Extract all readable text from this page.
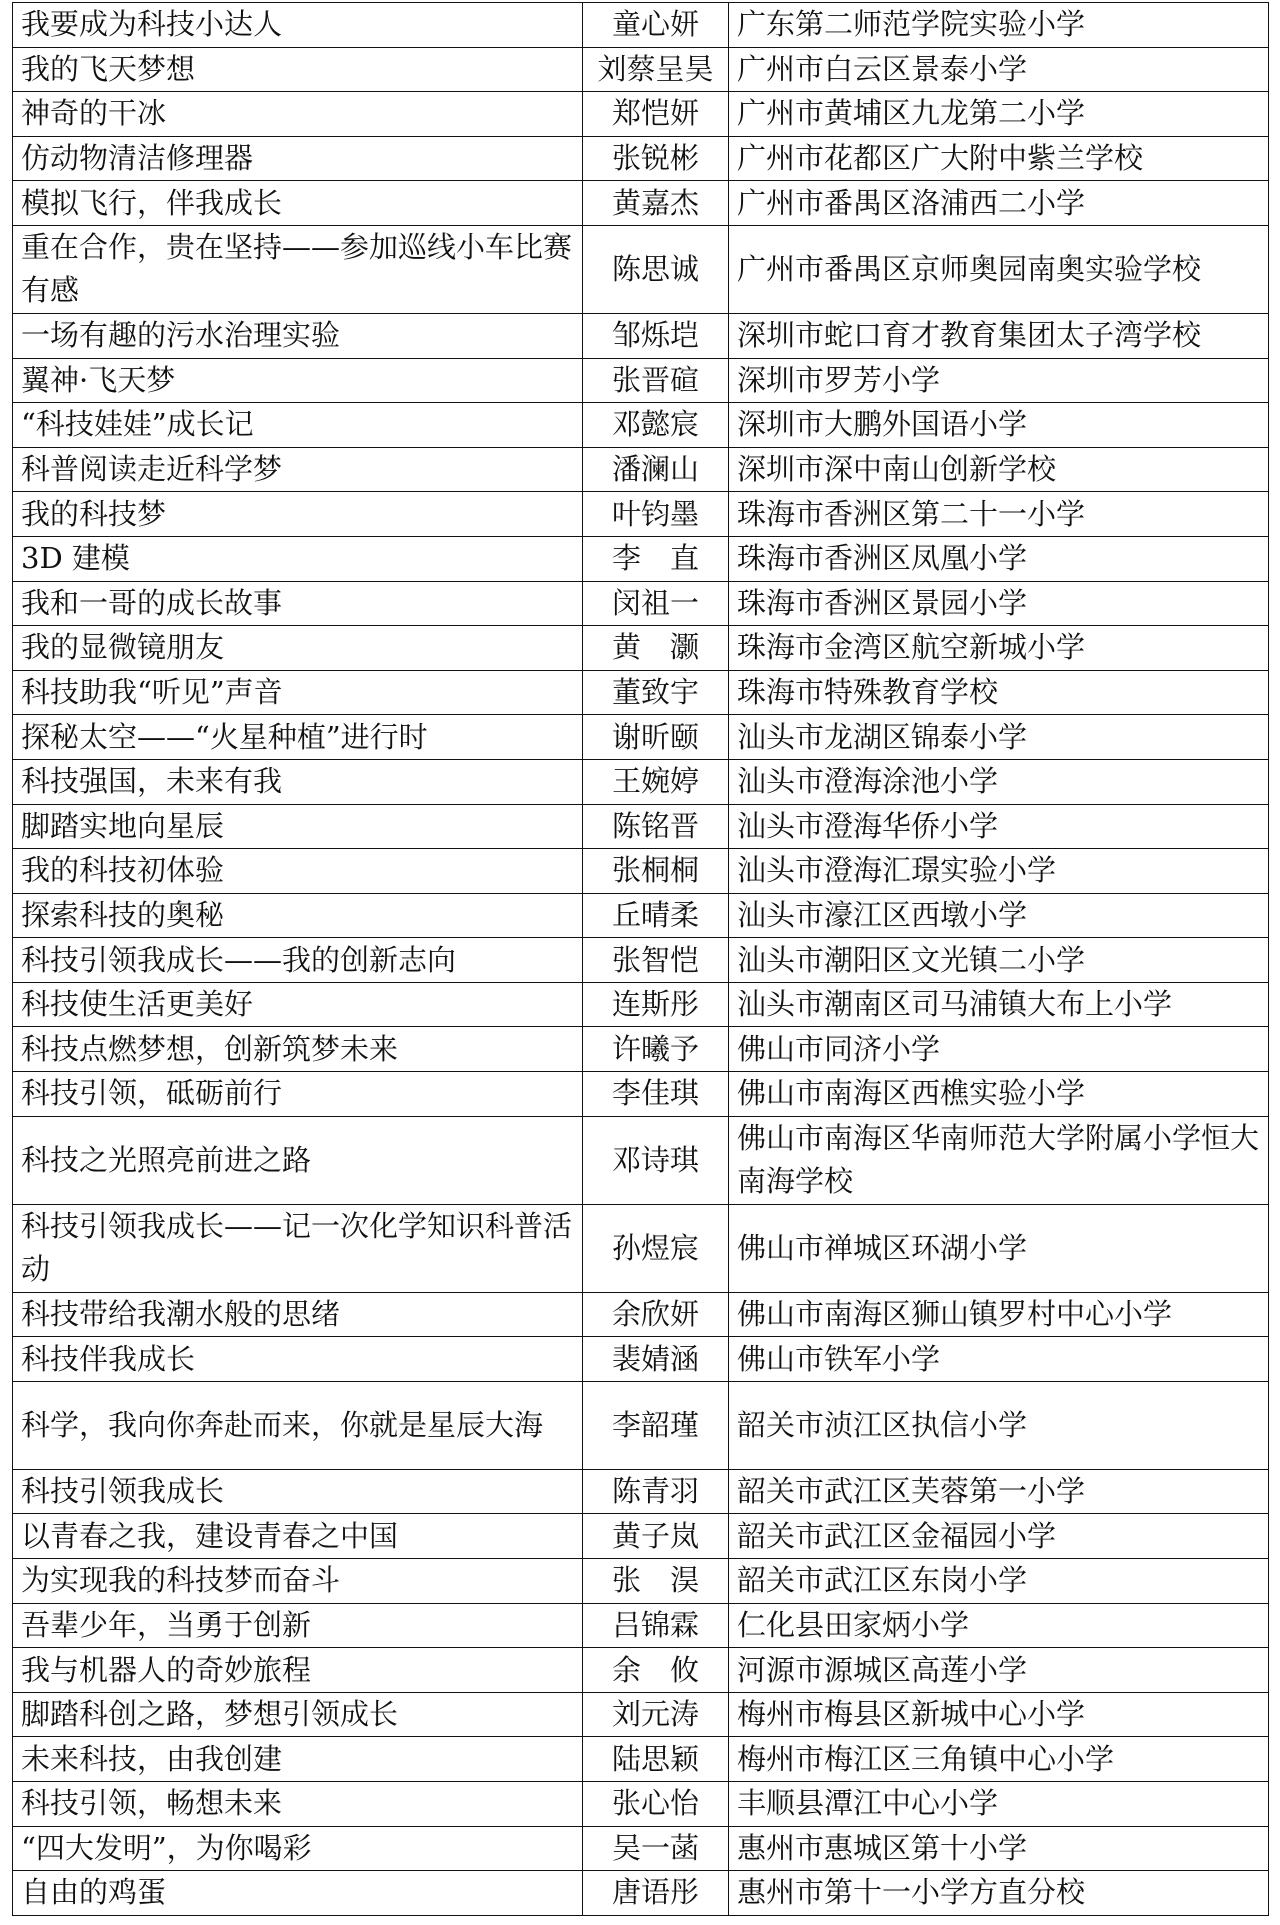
我要成为科技小达人	童心妍	广东第二师范学院实验小学
我的飞天梦想	刘蔡呈昊	广州市白云区景泰小学
神奇的干冰	郑恺妍	广州市黄埔区九龙第二小学
仿动物清洁修理器	张锐彬	广州市花都区广大附中紫兰学校
模拟飞行，伴我成长	黄嘉杰	广州市番禺区洛浦西二小学
重在合作，贵在坚持——参加巡线小车比赛有感	陈思诚	广州市番禺区京师奥园南奥实验学校
一场有趣的污水治理实验	邹烁垲	深圳市蛇口育才教育集团太子湾学校
翼神·飞天梦	张晋碹	深圳市罗芳小学
“科技娃娃”成长记	邓懿宸	深圳市大鹏外国语小学
科普阅读走近科学梦	潘澜山	深圳市深中南山创新学校
我的科技梦	叶钧墨	珠海市香洲区第二十一小学
3D 建模	李　直	珠海市香洲区凤凰小学
我和一哥的成长故事	闵祖一	珠海市香洲区景园小学
我的显微镜朋友	黄　灏	珠海市金湾区航空新城小学
科技助我“听见”声音	董致宇	珠海市特殊教育学校
探秘太空——“火星种植”进行时	谢昕颐	汕头市龙湖区锦泰小学
科技强国，未来有我	王婉婷	汕头市澄海涂池小学
脚踏实地向星辰	陈铭晋	汕头市澄海华侨小学
我的科技初体验	张桐桐	汕头市澄海汇璟实验小学
探索科技的奥秘	丘晴柔	汕头市濠江区西墩小学
科技引领我成长——我的创新志向	张智恺	汕头市潮阳区文光镇二小学
科技使生活更美好	连斯彤	汕头市潮南区司马浦镇大布上小学
科技点燃梦想，创新筑梦未来	许曦予	佛山市同济小学
科技引领，砥砺前行	李佳琪	佛山市南海区西樵实验小学
科技之光照亮前进之路	邓诗琪	佛山市南海区华南师范大学附属小学恒大南海学校
科技引领我成长——记一次化学知识科普活动	孙煜宸	佛山市禅城区环湖小学
科技带给我潮水般的思绪	余欣妍	佛山市南海区狮山镇罗村中心小学
科技伴我成长	裴婧涵	佛山市铁军小学
科学，我向你奔赴而来，你就是星辰大海	李韶瑾	韶关市浈江区执信小学
科技引领我成长	陈青羽	韶关市武江区芙蓉第一小学
以青春之我，建设青春之中国	黄子岚	韶关市武江区金福园小学
为实现我的科技梦而奋斗	张　淏	韶关市武江区东岗小学
吾辈少年，当勇于创新	吕锦霖	仁化县田家炳小学
我与机器人的奇妙旅程	余　攸	河源市源城区高莲小学
脚踏科创之路，梦想引领成长	刘元涛	梅州市梅县区新城中心小学
未来科技，由我创建	陆思颖	梅州市梅江区三角镇中心小学
科技引领，畅想未来	张心怡	丰顺县潭江中心小学
“四大发明”，为你喝彩	吴一菡	惠州市惠城区第十小学
自由的鸡蛋	唐语彤	惠州市第十一小学方直分校
